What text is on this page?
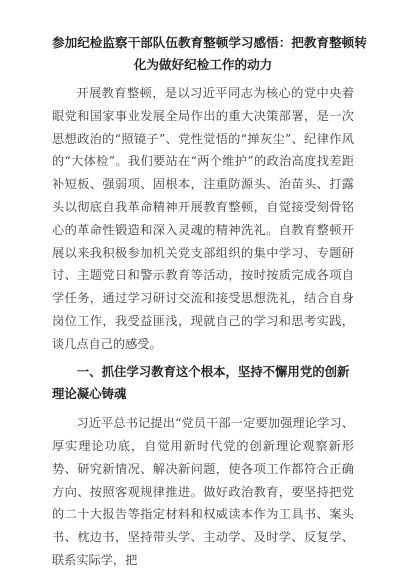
参加纪检监察干部队伍教育整顿学习感悟：把教育整顿转
化为做好纪检工作的动力

开展教育整顿，是以习近平同志为核心的党中央着眼党和国家事业发展全局作出的重大决策部署，是一次思想政治的“照镜子”、党性觉悟的“掸灰尘”、纪律作风的“大体检”。我们要站在“两个维护”的政治高度找差距补短板、强弱项、固根本，注重防源头、治苗头、打露头以彻底自我革命精神开展教育整顿，自觉接受刻骨铭心的革命性锻造和深入灵魂的精神洗礼。自教育整顿开展以来我积极参加机关党支部组织的集中学习、专题研讨、主题党日和警示教育等活动，按时按质完成各项自学任务，通过学习研讨交流和接受思想洗礼，结合自身岗位工作，我受益匪浅，现就自己的学习和思考实践，谈几点自己的感受。

一、抓住学习教育这个根本，坚持不懈用党的创新理论凝心铸魂

习近平总书记提出“党员干部一定要加强理论学习、厚实理论功底，自觉用新时代党的创新理论观察新形势、研究新情况、解决新问题，使各项工作都符合正确方向、按照客观规律推进。做好政治教育，要坚持把党的二十大报告等指定材料和权威读本作为工具书、案头书、枕边书，坚持带头学、主动学、及时学、反复学、联系实际学，把
